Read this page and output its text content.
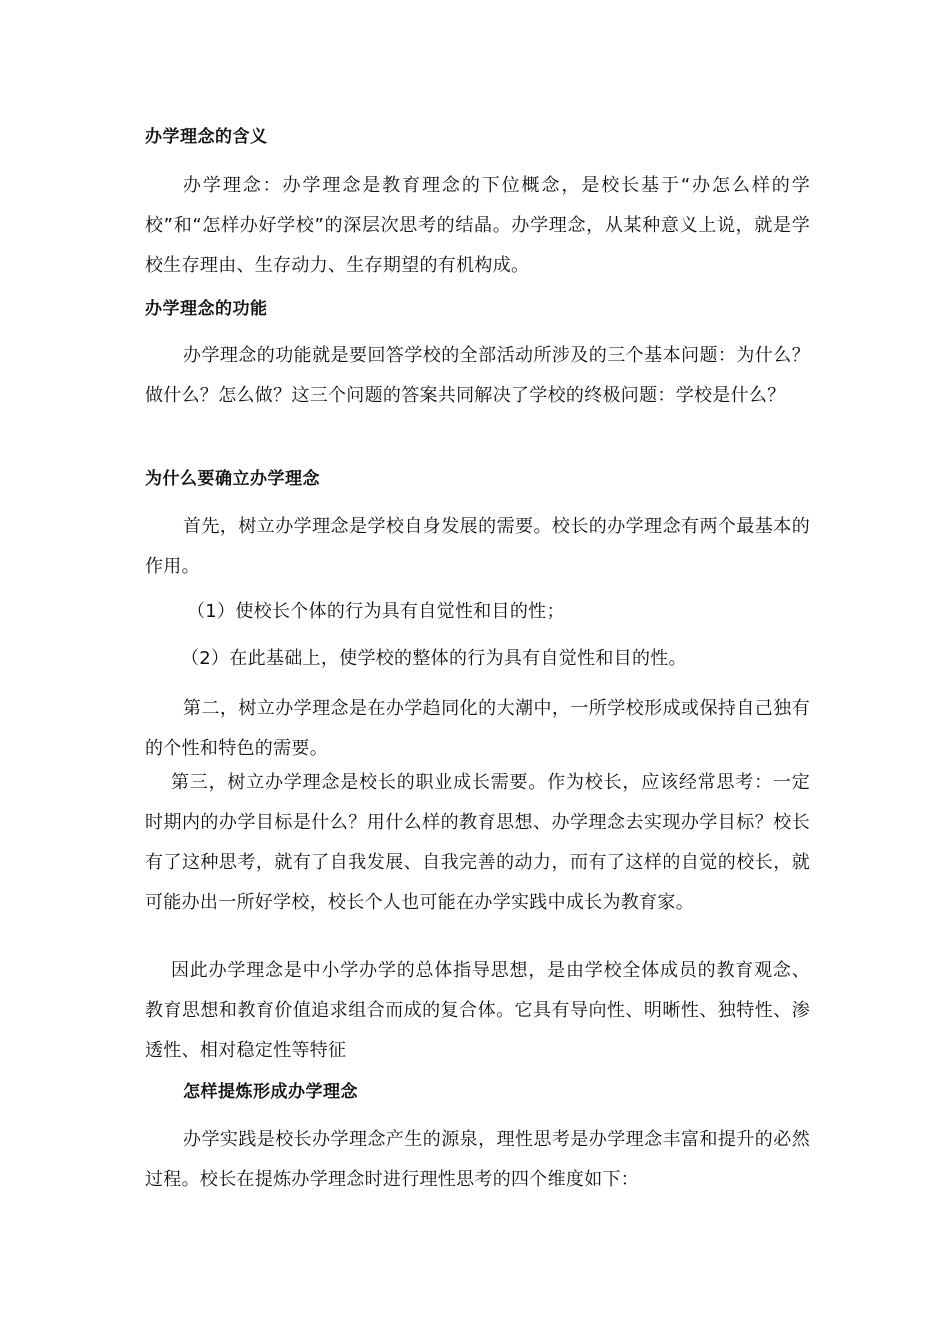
办学理念的含义

办学理念：办学理念是教育理念的下位概念，是校长基于“办怎么样的学校”和“怎样办好学校”的深层次思考的结晶。办学理念，从某种意义上说，就是学校生存理由、生存动力、生存期望的有机构成。

办学理念的功能

办学理念的功能就是要回答学校的全部活动所涉及的三个基本问题：为什么？做什么？怎么做？这三个问题的答案共同解决了学校的终极问题：学校是什么？

为什么要确立办学理念

首先，树立办学理念是学校自身发展的需要。校长的办学理念有两个最基本的作用。

（1）使校长个体的行为具有自觉性和目的性；

（2）在此基础上，使学校的整体的行为具有自觉性和目的性。

第二，树立办学理念是在办学趋同化的大潮中，一所学校形成或保持自己独有的个性和特色的需要。

第三，树立办学理念是校长的职业成长需要。作为校长，应该经常思考：一定时期内的办学目标是什么？用什么样的教育思想、办学理念去实现办学目标？校长有了这种思考，就有了自我发展、自我完善的动力，而有了这样的自觉的校长，就可能办出一所好学校，校长个人也可能在办学实践中成长为教育家。

因此办学理念是中小学办学的总体指导思想，是由学校全体成员的教育观念、教育思想和教育价值追求组合而成的复合体。它具有导向性、明晰性、独特性、渗透性、相对稳定性等特征

怎样提炼形成办学理念

办学实践是校长办学理念产生的源泉，理性思考是办学理念丰富和提升的必然过程。校长在提炼办学理念时进行理性思考的四个维度如下：
